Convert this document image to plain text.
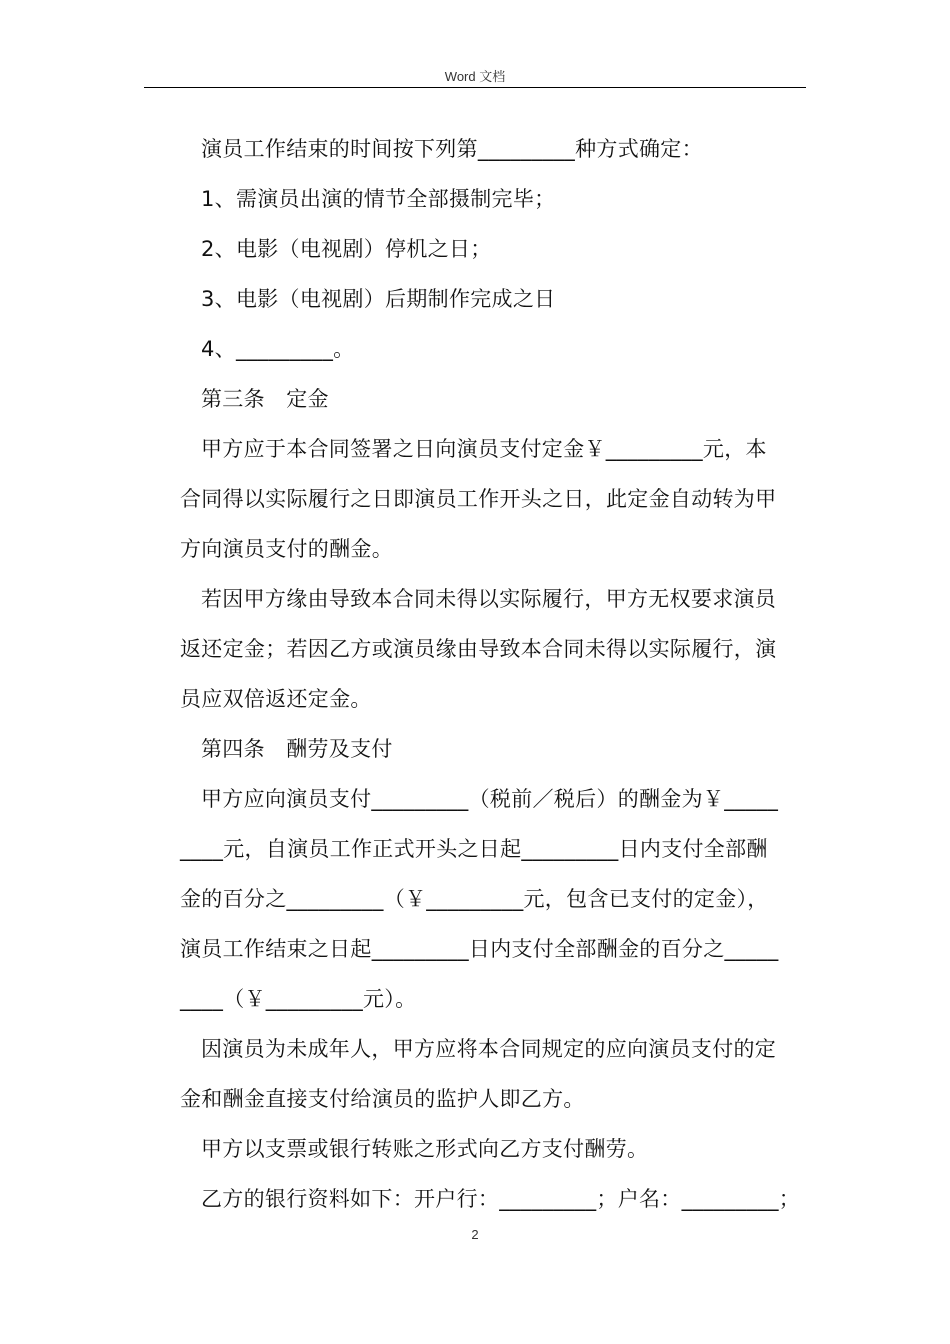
Word 文档
演员工作结束的时间按下列第_________种方式确定：
1、需演员出演的情节全部摄制完毕；
2、电影（电视剧）停机之日；
3、电影（电视剧）后期制作完成之日
4、_________。
第三条　定金
甲方应于本合同签署之日向演员支付定金￥_________元，本
合同得以实际履行之日即演员工作开头之日，此定金自动转为甲
方向演员支付的酬金。
若因甲方缘由导致本合同未得以实际履行，甲方无权要求演员
返还定金；若因乙方或演员缘由导致本合同未得以实际履行，演
员应双倍返还定金。
第四条　酬劳及支付
甲方应向演员支付_________（税前／税后）的酬金为￥_____
____元，自演员工作正式开头之日起_________日内支付全部酬
金的百分之_________（￥_________元，包含已支付的定金），
演员工作结束之日起_________日内支付全部酬金的百分之_____
____（￥_________元）。
因演员为未成年人，甲方应将本合同规定的应向演员支付的定
金和酬金直接支付给演员的监护人即乙方。
甲方以支票或银行转账之形式向乙方支付酬劳。
乙方的银行资料如下：开户行：_________；户名：_________；
2
